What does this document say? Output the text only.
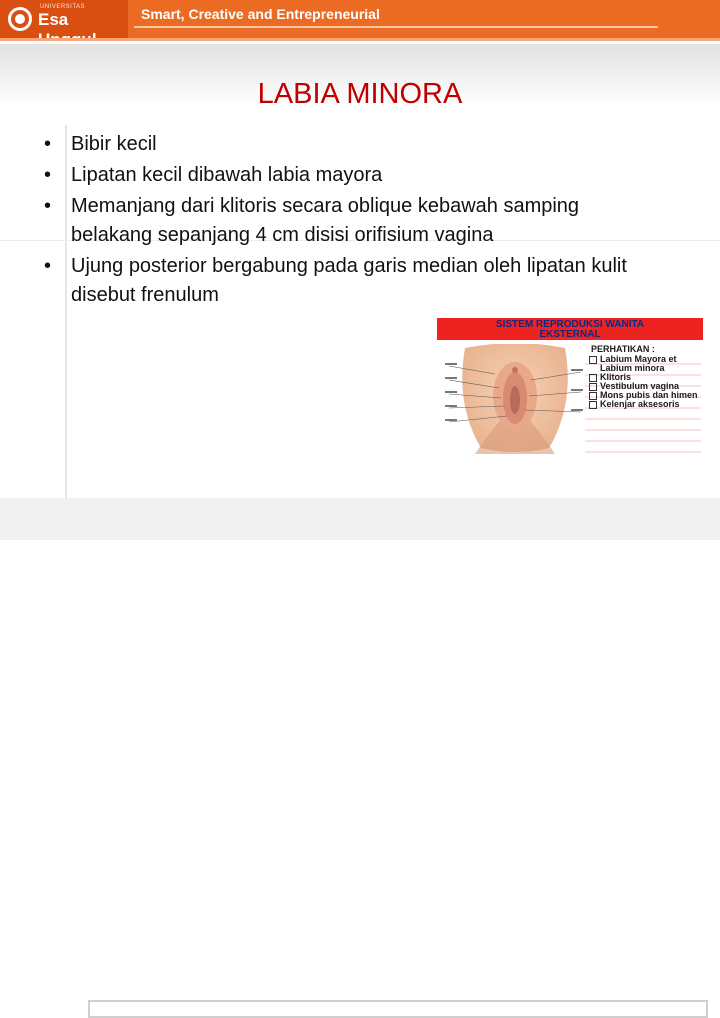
UNIVERSITAS
Esa	Smart, Creative and Entrepreneurial
LABIA MINORA
• Bibir kecil
• Lipatan kecil dibawah labia mayora
• Memanjang dari klitoris secara oblique kebawah samping belakang sepanjang 4 cm disisi orifisium vagina
• Ujung posterior bergabung pada garis median oleh lipatan kulit disebut frenulum
SISTEM REPRODUKSI WANITA
EKSTERNAL
PERHATIKAN :
Labium Mayora et Labium minora
Klitoris
Vestibulum vagina
Mons pubis dan himen
Kelenjar aksesoris
